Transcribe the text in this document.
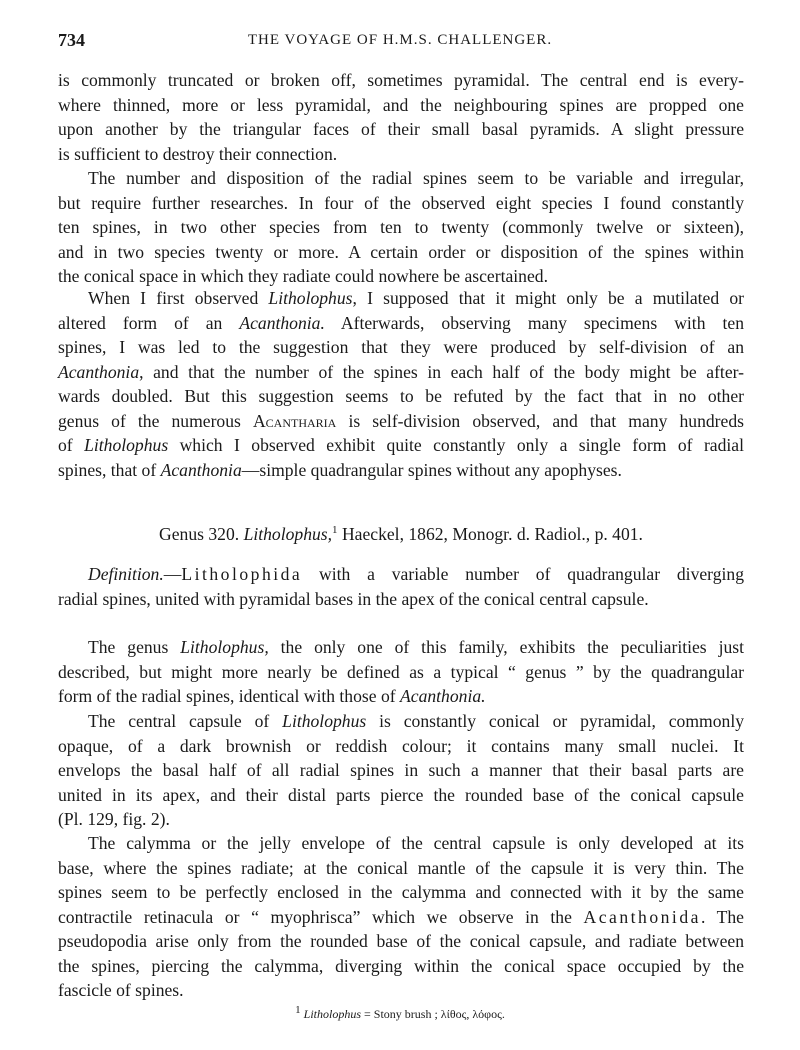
734	THE VOYAGE OF H.M.S. CHALLENGER.
is commonly truncated or broken off, sometimes pyramidal. The central end is every-
where thinned, more or less pyramidal, and the neighbouring spines are propped one
upon another by the triangular faces of their small basal pyramids. A slight pressure
is sufficient to destroy their connection.
The number and disposition of the radial spines seem to be variable and irregular,
but require further researches. In four of the observed eight species I found constantly
ten spines, in two other species from ten to twenty (commonly twelve or sixteen),
and in two species twenty or more. A certain order or disposition of the spines within
the conical space in which they radiate could nowhere be ascertained.
When I first observed Litholophus, I supposed that it might only be a mutilated or
altered form of an Acanthonia. Afterwards, observing many specimens with ten
spines, I was led to the suggestion that they were produced by self-division of an
Acanthonia, and that the number of the spines in each half of the body might be after-
wards doubled. But this suggestion seems to be refuted by the fact that in no other
genus of the numerous Acantharia is self-division observed, and that many hundreds
of Litholophus which I observed exhibit quite constantly only a single form of radial
spines, that of Acanthonia—simple quadrangular spines without any apophyses.
Genus 320. Litholophus,$^1$ Haeckel, 1862, Monogr. d. Radiol., p. 401.
Definition.—Litholophida with a variable number of quadrangular diverging
radial spines, united with pyramidal bases in the apex of the conical central capsule.
The genus Litholophus, the only one of this family, exhibits the peculiarities just
described, but might more nearly be defined as a typical “ genus ” by the quadrangular
form of the radial spines, identical with those of Acanthonia.
The central capsule of Litholophus is constantly conical or pyramidal, commonly
opaque, of a dark brownish or reddish colour; it contains many small nuclei. It
envelops the basal half of all radial spines in such a manner that their basal parts are
united in its apex, and their distal parts pierce the rounded base of the conical capsule
(Pl. 129, fig. 2).
The calymma or the jelly envelope of the central capsule is only developed at its
base, where the spines radiate; at the conical mantle of the capsule it is very thin. The
spines seem to be perfectly enclosed in the calymma and connected with it by the same
contractile retinacula or “ myophrisca” which we observe in the Acanthonida. The
pseudopodia arise only from the rounded base of the conical capsule, and radiate between
the spines, piercing the calymma, diverging within the conical space occupied by the
fascicle of spines.
$^1$ Litholophus = Stony brush ; λίθος, λόφος.
